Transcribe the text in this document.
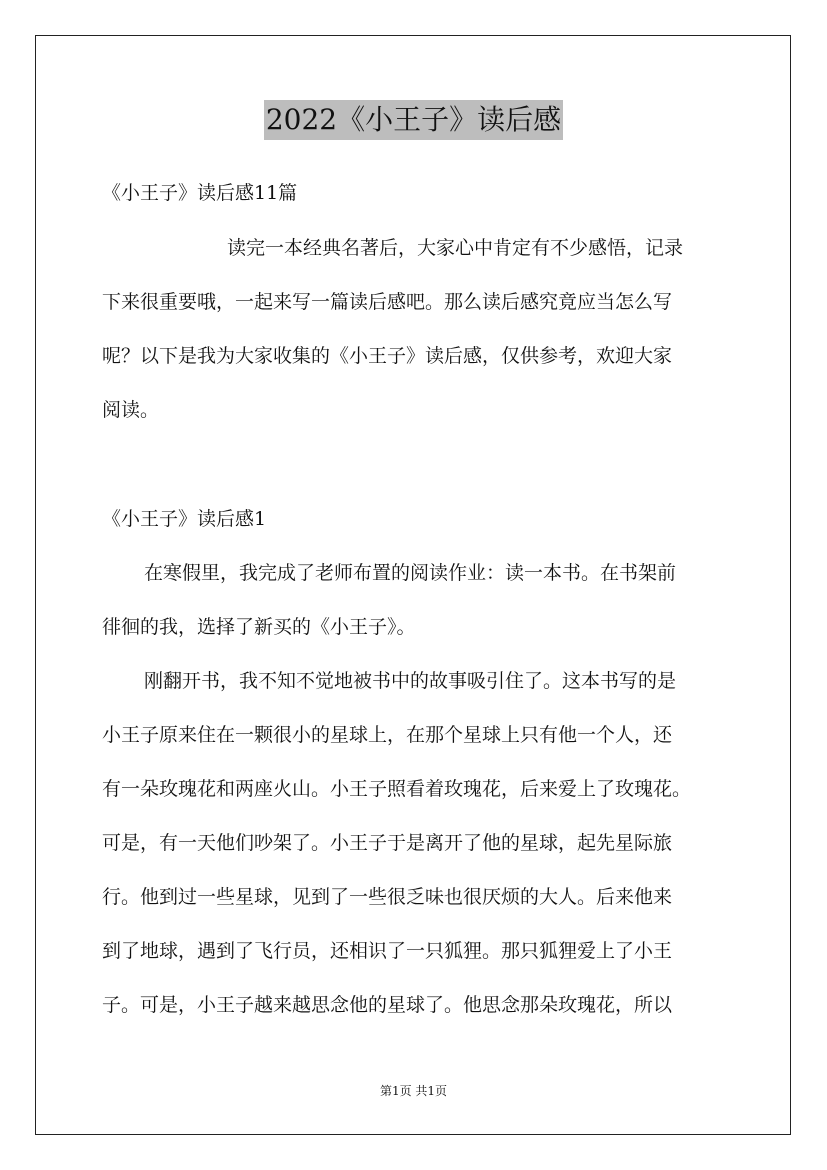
2022《小王子》读后感
《小王子》读后感11篇
读完一本经典名著后，大家心中肯定有不少感悟，记录
下来很重要哦，一起来写一篇读后感吧。那么读后感究竟应当怎么写
呢？以下是我为大家收集的《小王子》读后感，仅供参考，欢迎大家
阅读。
《小王子》读后感1
在寒假里，我完成了老师布置的阅读作业：读一本书。在书架前
徘徊的我，选择了新买的《小王子》。
刚翻开书，我不知不觉地被书中的故事吸引住了。这本书写的是
小王子原来住在一颗很小的星球上，在那个星球上只有他一个人，还
有一朵玫瑰花和两座火山。小王子照看着玫瑰花，后来爱上了玫瑰花。
可是，有一天他们吵架了。小王子于是离开了他的星球，起先星际旅
行。他到过一些星球，见到了一些很乏味也很厌烦的大人。后来他来
到了地球，遇到了飞行员，还相识了一只狐狸。那只狐狸爱上了小王
子。可是，小王子越来越思念他的星球了。他思念那朵玫瑰花，所以
第1页 共1页
